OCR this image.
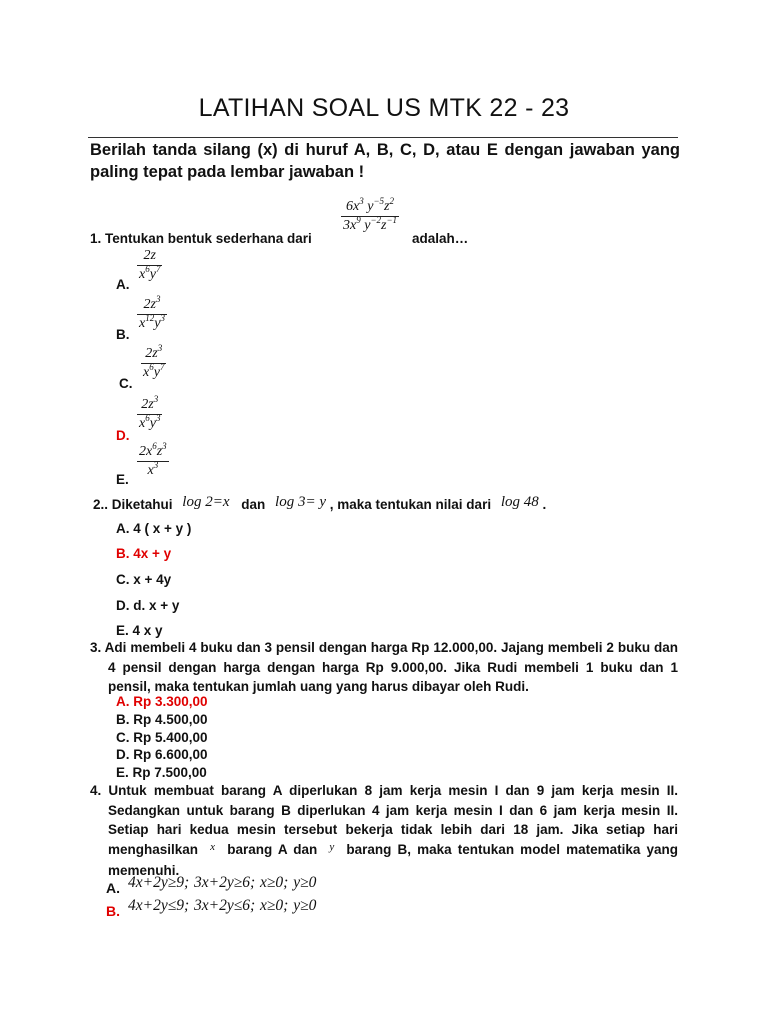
LATIHAN SOAL US MTK 22 - 23
Berilah tanda silang (x) di huruf A, B, C, D, atau E dengan jawaban yang paling tepat pada lembar jawaban !
$\frac{6x^3 y^{-5}z^2}{3x^9 y^{-2}z^{-1}}$
1. Tentukan bentuk sederhana dari	adalah…
A.
$\frac{2z}{x^6y^7}$
B.
$\frac{2z^3}{x^{12}y^3}$
C.
$\frac{2z^3}{x^6y^7}$
D.
$\frac{2z^3}{x^6y^3}$
E.
$\frac{2x^6z^3}{x^3}$
2.. Diketahui log 2=x dan log 3= y , maka tentukan nilai dari log 48 .
A. 4 ( x + y )
B. 4x + y
C. x + 4y
D. d. x + y
E. 4 x y

3. Adi membeli 4 buku dan 3 pensil dengan harga Rp 12.000,00. Jajang membeli 2 buku dan 4 pensil dengan harga dengan harga Rp 9.000,00. Jika Rudi membeli 1 buku dan 1 pensil, maka tentukan jumlah uang yang harus dibayar oleh Rudi.

A. Rp 3.300,00
B. Rp 4.500,00
C. Rp 5.400,00
D. Rp 6.600,00
E. Rp 7.500,00

4. Untuk membuat barang A diperlukan 8 jam kerja mesin I dan 9 jam kerja mesin II. Sedangkan untuk barang B diperlukan 4 jam kerja mesin I dan 6 jam kerja mesin II. Setiap hari kedua mesin tersebut bekerja tidak lebih dari 18 jam. Jika setiap hari menghasilkan $^x$ barang A dan $^y$ barang B, maka tentukan model matematika yang memenuhi.

A. 4x+2y≥9; 3x+2y≥6; x≥0; y≥0
B. 4x+2y≤9; 3x+2y≤6; x≥0; y≥0
